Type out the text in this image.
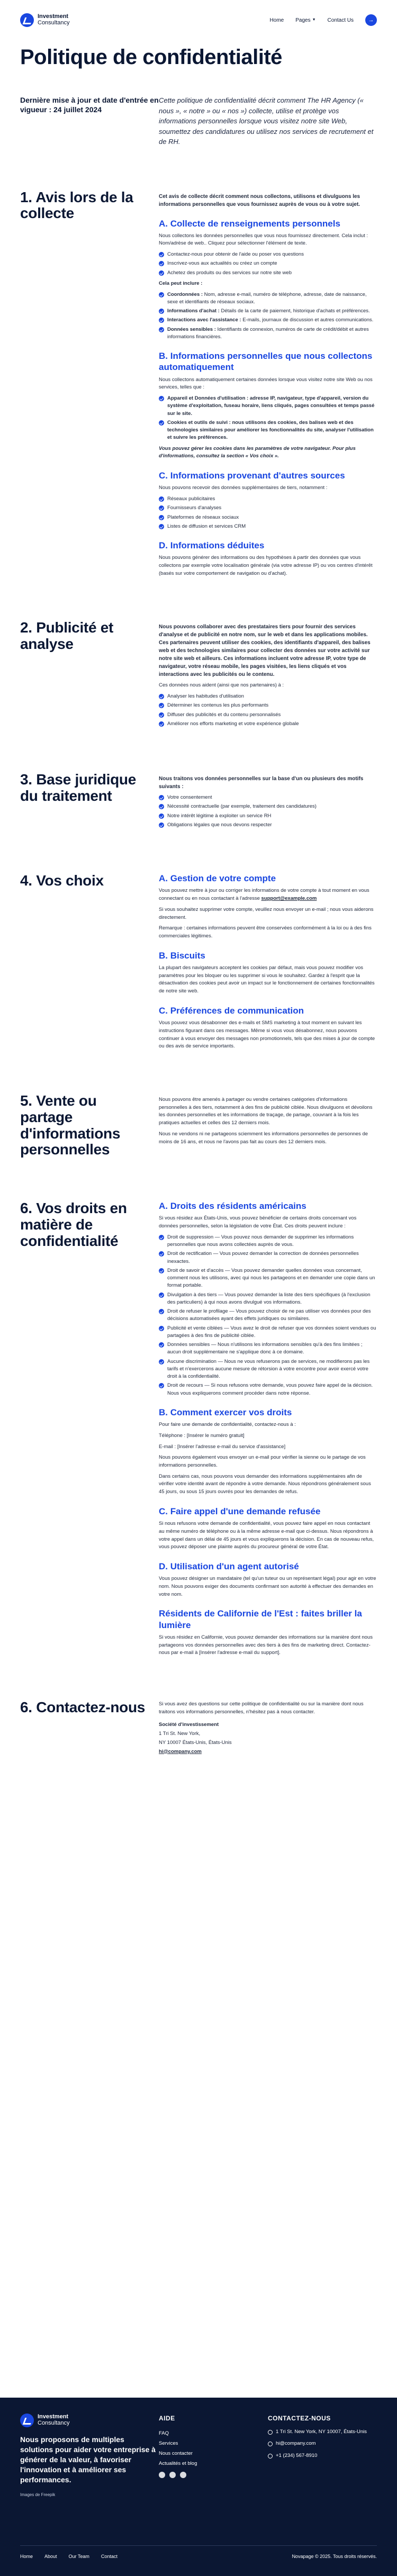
Investment
Consultancy	Home Pages ▼ Contact Us	→
Politique de confidentialité
Dernière mise à jour et date d'entrée en vigueur : 24 juillet 2024
Cette politique de confidentialité décrit comment The HR Agency (« nous », « notre » ou « nos ») collecte, utilise et protège vos informations personnelles lorsque vous visitez notre site Web, soumettez des candidatures ou utilisez nos services de recrutement et de RH.
1. Avis lors de la collecte

Cet avis de collecte décrit comment nous collectons, utilisons et divulguons les informations personnelles que vous fournissez auprès de vous ou à votre sujet.

A. Collecte de renseignements personnels

Nous collectons les données personnelles que vous nous fournissez directement. Cela inclut : Nom/adrèse de web.. Cliquez pour sélectionner l'élément de texte.

Contactez-nous pour obtenir de l'aide ou poser vos questions
Inscrivez-vous aux actualités ou créez un compte
Achetez des produits ou des services sur notre site web

Cela peut inclure :

Coordonnées : Nom, adresse e-mail, numéro de téléphone, adresse, date de naissance, sexe et identifiants de réseaux sociaux.
Informations d'achat : Détails de la carte de paiement, historique d'achats et préférences.
Interactions avec l'assistance : E-mails, journaux de discussion et autres communications.
Données sensibles : Identifiants de connexion, numéros de carte de crédit/débit et autres informations financières.
B. Informations personnelles que nous collectons automatiquement

Nous collectons automatiquement certaines données lorsque vous visitez notre site Web ou nos services, telles que :

Appareil et Données d'utilisation : adresse IP, navigateur, type d'appareil, version du système d'exploitation, fuseau horaire, liens cliqués, pages consultées et temps passé sur le site.
Cookies et outils de suivi : nous utilisons des cookies, des balises web et des technologies similaires pour améliorer les fonctionnalités du site, analyser l'utilisation et suivre les préférences.

Vous pouvez gérer les cookies dans les paramètres de votre navigateur. Pour plus d'informations, consultez la section « Vos choix ».

C. Informations provenant d'autres sources

Nous pouvons recevoir des données supplémentaires de tiers, notamment :

Réseaux publicitaires
Fournisseurs d'analyses
Plateformes de réseaux sociaux
Listes de diffusion et services CRM
D. Informations déduites

Nous pouvons générer des informations ou des hypothèses à partir des données que vous collectons par exemple votre localisation générale (via votre adresse IP) ou vos centres d'intérêt (basés sur votre comportement de navigation ou d'achat).

2. Publicité et analyse

Nous pouvons collaborer avec des prestataires tiers pour fournir des services d'analyse et de publicité en notre nom, sur le web et dans les applications mobiles. Ces partenaires peuvent utiliser des cookies, des identifiants d'appareil, des balises web et des technologies similaires pour collecter des données sur votre activité sur notre site web et ailleurs. Ces informations incluent votre adresse IP, votre type de navigateur, votre réseau mobile, les pages visitées, les liens cliqués et vos interactions avec les publicités ou le contenu.

Ces données nous aident (ainsi que nos partenaires) à :

Analyser les habitudes d'utilisation
Déterminer les contenus les plus performants
Diffuser des publicités et du contenu personnalisés
Améliorer nos efforts marketing et votre expérience globale
3. Base juridique du traitement

Nous traitons vos données personnelles sur la base d'un ou plusieurs des motifs suivants :

Votre consentement
Nécessité contractuelle (par exemple, traitement des candidatures)
Notre intérêt légitime à exploiter un service RH
Obligations légales que nous devons respecter
4. Vos choix	A. Gestion de votre compte

Vous pouvez mettre à jour ou corriger les informations de votre compte à tout moment en vous connectant ou en nous contactant à l'adresse support@example.com

Si vous souhaitez supprimer votre compte, veuillez nous envoyer un e-mail ; nous vous aiderons directement.

Remarque : certaines informations peuvent être conservées conformément à la loi ou à des fins commerciales légitimes.

B. Biscuits

La plupart des navigateurs acceptent les cookies par défaut, mais vous pouvez modifier vos paramètres pour les bloquer ou les supprimer si vous le souhaitez. Gardez à l'esprit que la désactivation des cookies peut avoir un impact sur le fonctionnement de certaines fonctionnalités de notre site web.

C. Préférences de communication

Vous pouvez vous désabonner des e-mails et SMS marketing à tout moment en suivant les instructions figurant dans ces messages. Même si vous vous désabonnez, nous pouvons continuer à vous envoyer des messages non promotionnels, tels que des mises à jour de compte ou des avis de service importants.

5. Vente ou partage d'informations personnelles

Nous pouvons être amenés à partager ou vendre certaines catégories d'informations personnelles à des tiers, notamment à des fins de publicité ciblée. Nous divulguons et dévoilons les données personnelles et les informations de traçage, de partage, couvrant à la fois les pratiques actuelles et celles des 12 derniers mois.

Nous ne vendons ni ne partageons sciemment les informations personnelles de personnes de moins de 16 ans, et nous ne l'avons pas fait au cours des 12 derniers mois.

6. Vos droits en matière de confidentialité
A. Droits des résidents américains

Si vous résidez aux États-Unis, vous pouvez bénéficier de certains droits concernant vos données personnelles, selon la législation de votre État. Ces droits peuvent inclure :

Droit de suppression — Vous pouvez nous demander de supprimer les informations personnelles que nous avons collectées auprès de vous.
Droit de rectification — Vous pouvez demander la correction de données personnelles inexactes.
Droit de savoir et d'accès — Vous pouvez demander quelles données vous concernant, comment nous les utilisons, avec qui nous les partageons et en demander une copie dans un format portable.
Divulgation à des tiers — Vous pouvez demander la liste des tiers spécifiques (à l'exclusion des particuliers) à qui nous avons divulgué vos informations.
Droit de refuser le profilage — Vous pouvez choisir de ne pas utiliser vos données pour des décisions automatisées ayant des effets juridiques ou similaires.
Publicité et vente ciblées — Vous avez le droit de refuser que vos données soient vendues ou partagées à des fins de publicité ciblée.
Données sensibles — Nous n'utilisons les informations sensibles qu'à des fins limitées ; aucun droit supplémentaire ne s'applique donc à ce domaine.
Aucune discrimination — Nous ne vous refuserons pas de services, ne modifierons pas les tarifs et n'exercerons aucune mesure de rétorsion à votre encontre pour avoir exercé votre droit à la confidentialité.
Droit de recours — Si nous refusons votre demande, vous pouvez faire appel de la décision. Nous vous expliquerons comment procéder dans notre réponse.
B. Comment exercer vos droits

Pour faire une demande de confidentialité, contactez-nous à :

Téléphone : [Insérer le numéro gratuit]

E-mail : [Insérer l'adresse e-mail du service d'assistance]

Nous pouvons également vous envoyer un e-mail pour vérifier la sienne ou le partage de vos informations personnelles.

Dans certains cas, nous pouvons vous demander des informations supplémentaires afin de vérifier votre identité avant de répondre à votre demande. Nous répondrons généralement sous 45 jours, ou sous 15 jours ouvrés pour les demandes de refus.

C. Faire appel d'une demande refusée

Si nous refusons votre demande de confidentialité, vous pouvez faire appel en nous contactant au même numéro de téléphone ou à la même adresse e-mail que ci-dessus. Nous répondrons à votre appel dans un délai de 45 jours et vous expliquerons la décision. En cas de nouveau refus, vous pouvez déposer une plainte auprès du procureur général de votre État.

D. Utilisation d'un agent autorisé

Vous pouvez désigner un mandataire (tel qu'un tuteur ou un représentant légal) pour agir en votre nom. Nous pouvons exiger des documents confirmant son autorité à effectuer des demandes en votre nom.

Résidents de Californie de l'Est : faites briller la lumière

Si vous résidez en Californie, vous pouvez demander des informations sur la manière dont nous partageons vos données personnelles avec des tiers à des fins de marketing direct. Contactez-nous par e-mail à [Insérer l'adresse e-mail du support].

6. Contactez-nous	Si vous avez des questions sur cette politique de confidentialité ou sur la manière dont nous traitons vos informations personnelles, n'hésitez pas à nous contacter.

Société d'investissement

1 Tri St. New York,

NY 10007 États-Unis, États-Unis

hi@company.com

Investment
Consultancy
Nous proposons de multiples solutions pour aider votre entreprise à générer de la valeur, à favoriser l'innovation et à améliorer ses performances.
Images de Freepik
AIDE
FAQ
Services
Nous contacter
Actualités et blog
CONTACTEZ-NOUS
1 Tri St. New York, NY 10007, États-Unis
hi@company.com
+1 (234) 567-8910
Home About Our Team Contact	Novapage © 2025. Tous droits réservés.
